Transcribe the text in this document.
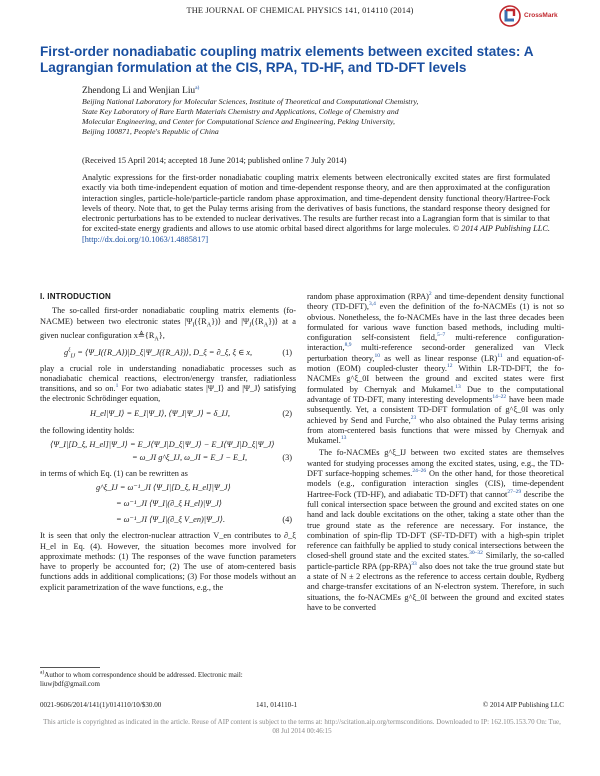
THE JOURNAL OF CHEMICAL PHYSICS 141, 014110 (2014)
CrossMark
First-order nonadiabatic coupling matrix elements between excited states: A Lagrangian formulation at the CIS, RPA, TD-HF, and TD-DFT levels
Zhendong Li and Wenjian Liu$^{a)}$
Beijing National Laboratory for Molecular Sciences, Institute of Theoretical and Computational Chemistry,
State Key Laboratory of Rare Earth Materials Chemistry and Applications, College of Chemistry and
Molecular Engineering, and Center for Computational Science and Engineering, Peking University,
Beijing 100871, People's Republic of China
(Received 15 April 2014; accepted 18 June 2014; published online 7 July 2014)
Analytic expressions for the first-order nonadiabatic coupling matrix elements between electronically excited states are first formulated exactly via both time-independent equation of motion and time-dependent response theory, and are then approximated at the configuration interaction singles, particle-hole/particle-particle random phase approximation, and time-dependent density functional theory/Hartree-Fock levels of theory. Note that, to get the Pulay terms arising from the derivatives of basis functions, the standard response theory designed for electronic perturbations has to be extended to nuclear derivatives. The results are further recast into a Lagrangian form that is similar to that for excited-state energy gradients and allows to use atomic orbital based direct algorithms for large molecules. © 2014 AIP Publishing LLC. [http://dx.doi.org/10.1063/1.4885817]
I. INTRODUCTION

The so-called first-order nonadiabatic coupling matrix elements (fo-NACME) between two electronic states $|\Psi_I(\{R_A\})⟩$ and $|\Psi_J(\{R_A\})⟩$ at a given nuclear configuration $x≜\{R_A\}$,

$g^\xi_{IJ}$ = ⟨Ψ_I({R_A})|D_ξ|Ψ_J({R_A})⟩, D_ξ = ∂_ξ, ξ ∈ x,	(1)

play a crucial role in understanding nonadiabatic processes such as nonadiabatic chemical reactions, electron/energy transfer, radiationless transitions, and so on.$^1$ For two adiabatic states |Ψ_I⟩ and |Ψ_J⟩ satisfying the electronic Schrödinger equation,

H_el|Ψ_I⟩ = E_I|Ψ_I⟩, ⟨Ψ_I|Ψ_J⟩ = δ_IJ,	(2)

the following identity holds:

⟨Ψ_I|[D_ξ, H_el]|Ψ_J⟩ = E_J⟨Ψ_I|D_ξ|Ψ_J⟩ − E_I⟨Ψ_I|D_ξ|Ψ_J⟩
= ω_JI g^ξ_IJ, ω_JI = E_J − E_I,	(3)

in terms of which Eq. (1) can be rewritten as

g^ξ_IJ = ω⁻¹_JI ⟨Ψ_I|[D_ξ, H_el]|Ψ_J⟩
= ω⁻¹_JI ⟨Ψ_I|(∂_ξ H_el)|Ψ_J⟩
= ω⁻¹_JI ⟨Ψ_I|(∂_ξ V_en)|Ψ_J⟩.	(4)

It is seen that only the electron-nuclear attraction V_en contributes to ∂_ξ H_el in Eq. (4). However, the situation becomes more involved for approximate methods: (1) The responses of the wave function parameters have to properly be accounted for; (2) The use of atom-centered basis functions adds in additional complications; (3) For those models without an explicit parametrization of the wave functions, e.g., the

random phase approximation (RPA)$^2$ and time-dependent density functional theory (TD-DFT),$^{3,4}$ even the definition of the fo-NACMEs (1) is not so obvious. Nonetheless, the fo-NACMEs have in the last three decades been formulated for various wave function based methods, including multi-configuration self-consistent field,$^{5-7}$ multi-reference configuration-interaction,$^{8,9}$ multi-reference second-order generalized van Vleck perturbation theory,$^{10}$ as well as linear response (LR)$^{11}$ and equation-of-motion (EOM) coupled-cluster theory.$^{12}$ Within LR-TD-DFT, the fo-NACMEs g^ξ_0I between the ground and excited states were first formulated by Chernyak and Mukamel.$^{13}$ Due to the computational advantage of TD-DFT, many interesting developments$^{14-22}$ have been made subsequently. Yet, a consistent TD-DFT formulation of g^ξ_0I was only achieved by Send and Furche,$^{23}$ who also obtained the Pulay terms arising from atom-centered basis functions that were missed by Chernyak and Mukamel.$^{13}$

The fo-NACMEs g^ξ_IJ between two excited states are themselves wanted for studying processes among the excited states, using, e.g., the TD-DFT surface-hopping schemes.$^{24-26}$ On the other hand, for those theoretical models (e.g., configuration interaction singles (CIS), time-dependent Hartree-Fock (TD-HF), and adiabatic TD-DFT) that cannot$^{27-29}$ describe the full conical intersection space between the ground and excited states on one hand and lack double excitations on the other, taking a state other than the true ground state as the reference are necessary. For instance, the combination of spin-flip TD-DFT (SF-TD-DFT) with a high-spin triplet reference can faithfully be applied to study conical intersections between the closed-shell ground state and the excited states.$^{30-32}$ Similarly, the so-called particle-particle RPA (pp-RPA)$^{33}$ also does not take the true ground state but a state of N ± 2 electrons as the reference to access certain double, Rydberg and charge-transfer excitations of an N-electron system. Therefore, in such situations, the fo-NACMEs g^ξ_0I between the ground and excited states have to be converted

$^{a)}$Author to whom correspondence should be addressed. Electronic mail: liuwjbdf@gmail.com
0021-9606/2014/141(1)/014110/10/$30.00	141, 014110-1	© 2014 AIP Publishing LLC
This article is copyrighted as indicated in the article. Reuse of AIP content is subject to the terms at: http://scitation.aip.org/termsconditions. Downloaded to IP: 162.105.153.70 On: Tue, 08 Jul 2014 00:46:15
